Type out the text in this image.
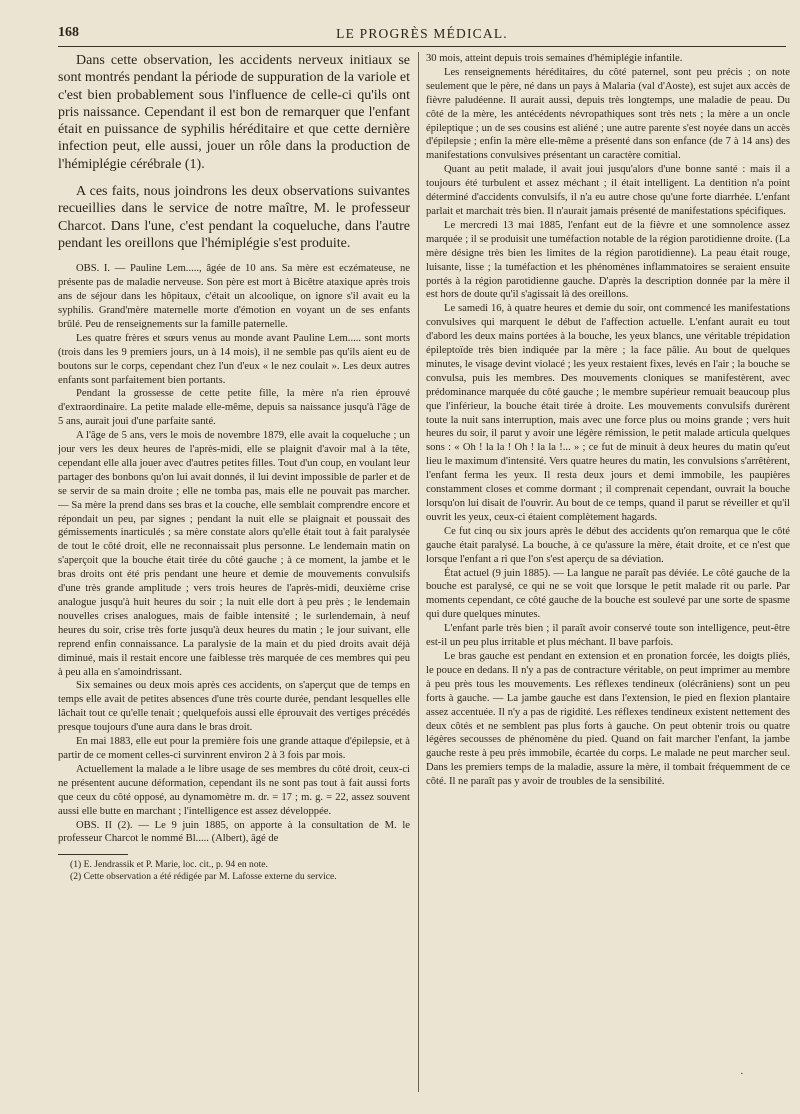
168	LE PROGRÈS MÉDICAL.

Dans cette observation, les accidents nerveux initiaux se sont montrés pendant la période de suppuration de la variole et c'est bien probablement sous l'influence de celle-ci qu'ils ont pris naissance. Cependant il est bon de remarquer que l'enfant était en puissance de syphilis héréditaire et que cette dernière infection peut, elle aussi, jouer un rôle dans la production de l'hémiplégie cérébrale (1).

A ces faits, nous joindrons les deux observations suivantes recueillies dans le service de notre maître, M. le professeur Charcot. Dans l'une, c'est pendant la coqueluche, dans l'autre pendant les oreillons que l'hémiplégie s'est produite.

OBS. I. — Pauline Lem....., âgée de 10 ans. Sa mère est eczémateuse, ne présente pas de maladie nerveuse. Son père est mort à Bicêtre ataxique après trois ans de séjour dans les hôpitaux, c'était un alcoolique, on ignore s'il avait eu la syphilis. Grand'mère maternelle morte d'émotion en voyant un de ses enfants brûlé. Peu de renseignements sur la famille paternelle.

Les quatre frères et sœurs venus au monde avant Pauline Lem..... sont morts (trois dans les 9 premiers jours, un à 14 mois), il ne semble pas qu'ils aient eu de boutons sur le corps, cependant chez l'un d'eux « le nez coulait ». Les deux autres enfants sont parfaitement bien portants.

Pendant la grossesse de cette petite fille, la mère n'a rien éprouvé d'extraordinaire. La petite malade elle-même, depuis sa naissance jusqu'à l'âge de 5 ans, aurait joui d'une parfaite santé.

A l'âge de 5 ans, vers le mois de novembre 1879, elle avait la coqueluche ; un jour vers les deux heures de l'après-midi, elle se plaignit d'avoir mal à la tête, cependant elle alla jouer avec d'autres petites filles. Tout d'un coup, en voulant leur partager des bonbons qu'on lui avait donnés, il lui devint impossible de parler et de se servir de sa main droite ; elle ne tomba pas, mais elle ne pouvait pas marcher. — Sa mère la prend dans ses bras et la couche, elle semblait comprendre encore et répondait un peu, par signes ; pendant la nuit elle se plaignait et poussait des gémissements inarticulés ; sa mère constate alors qu'elle était tout à fait paralysée de tout le côté droit, elle ne reconnaissait plus personne. Le lendemain matin on s'aperçoit que la bouche était tirée du côté gauche ; à ce moment, la jambe et le bras droits ont été pris pendant une heure et demie de mouvements convulsifs d'une très grande amplitude ; vers trois heures de l'après-midi, deuxième crise analogue jusqu'à huit heures du soir ; la nuit elle dort à peu près ; le lendemain nouvelles crises analogues, mais de faible intensité ; le surlendemain, à neuf heures du soir, crise très forte jusqu'à deux heures du matin ; le jour suivant, elle reprend enfin connaissance. La paralysie de la main et du pied droits avait déjà diminué, mais il restait encore une faiblesse très marquée de ces membres qui peu à peu alla en s'amoindrissant.

Six semaines ou deux mois après ces accidents, on s'aperçut que de temps en temps elle avait de petites absences d'une très courte durée, pendant lesquelles elle lâchait tout ce qu'elle tenait ; quelquefois aussi elle éprouvait des vertiges précédés presque toujours d'une aura dans le bras droit.

En mai 1883, elle eut pour la première fois une grande attaque d'épilepsie, et à partir de ce moment celles-ci survinrent environ 2 à 3 fois par mois.

Actuellement la malade a le libre usage de ses membres du côté droit, ceux-ci ne présentent aucune déformation, cependant ils ne sont pas tout à fait aussi forts que ceux du côté opposé, au dynamomètre m. dr. = 17 ; m. g. = 22, assez souvent aussi elle butte en marchant ; l'intelligence est assez développée.

OBS. II (2). — Le 9 juin 1885, on apporte à la consultation de M. le professeur Charcot le nommé Bl..... (Albert), âgé de

(1) E. Jendrassik et P. Marie, loc. cit., p. 94 en note.

(2) Cette observation a été rédigée par M. Lafosse externe du service.

30 mois, atteint depuis trois semaines d'hémiplégie infantile.

Les renseignements héréditaires, du côté paternel, sont peu précis ; on note seulement que le père, né dans un pays à Malaria (val d'Aoste), est sujet aux accès de fièvre paludéenne. Il aurait aussi, depuis très longtemps, une maladie de peau. Du côté de la mère, les antécédents névropathiques sont très nets ; la mère a un oncle épileptique ; un de ses cousins est aliéné ; une autre parente s'est noyée dans un accès d'épilepsie ; enfin la mère elle-même a présenté dans son enfance (de 7 à 14 ans) des manifestations convulsives présentant un caractère comitial.

Quant au petit malade, il avait joui jusqu'alors d'une bonne santé : mais il a toujours été turbulent et assez méchant ; il était intelligent. La dentition n'a point déterminé d'accidents convulsifs, il n'a eu autre chose qu'une forte diarrhée. L'enfant parlait et marchait très bien. Il n'aurait jamais présenté de manifestations spécifiques.

Le mercredi 13 mai 1885, l'enfant eut de la fièvre et une somnolence assez marquée ; il se produisit une tuméfaction notable de la région parotidienne droite. (La mère désigne très bien les limites de la région parotidienne). La peau était rouge, luisante, lisse ; la tuméfaction et les phénomènes inflammatoires se seraient ensuite portés à la région parotidienne gauche. D'après la description donnée par la mère il est hors de doute qu'il s'agissait là des oreillons.

Le samedi 16, à quatre heures et demie du soir, ont commencé les manifestations convulsives qui marquent le début de l'affection actuelle. L'enfant aurait eu tout d'abord les deux mains portées à la bouche, les yeux blancs, une véritable trépidation épileptoïde très bien indiquée par la mère ; la face pâlie. Au bout de quelques minutes, le visage devint violacé ; les yeux restaient fixes, levés en l'air ; la bouche se convulsa, puis les membres. Des mouvements cloniques se manifestèrent, avec prédominance marquée du côté gauche ; le membre supérieur remuait beaucoup plus que l'inférieur, la bouche était tirée à droite. Les mouvements convulsifs durèrent toute la nuit sans interruption, mais avec une force plus ou moins grande ; vers huit heures du soir, il parut y avoir une légère rémission, le petit malade articula quelques sons : « Oh ! la la ! Oh ! la la !... » ; ce fut de minuit à deux heures du matin qu'eut lieu le maximum d'intensité. Vers quatre heures du matin, les convulsions s'arrêtèrent, l'enfant ferma les yeux. Il resta deux jours et demi immobile, les paupières constamment closes et comme dormant ; il comprenait cependant, ouvrait la bouche lorsqu'on lui disait de l'ouvrir. Au bout de ce temps, quand il parut se réveiller et qu'il ouvrit les yeux, ceux-ci étaient complètement hagards.

Ce fut cinq ou six jours après le début des accidents qu'on remarqua que le côté gauche était paralysé. La bouche, à ce qu'assure la mère, était droite, et ce n'est que lorsque l'enfant a ri que l'on s'est aperçu de sa déviation.

État actuel (9 juin 1885). — La langue ne paraît pas déviée. Le côté gauche de la bouche est paralysé, ce qui ne se voit que lorsque le petit malade rit ou parle. Par moments cependant, ce côté gauche de la bouche est soulevé par une sorte de spasme qui dure quelques minutes.

L'enfant parle très bien ; il paraît avoir conservé toute son intelligence, peut-être est-il un peu plus irritable et plus méchant. Il bave parfois.

Le bras gauche est pendant en extension et en pronation forcée, les doigts pliés, le pouce en dedans. Il n'y a pas de contracture véritable, on peut imprimer au membre à peu près tous les mouvements. Les réflexes tendineux (olécrâniens) sont un peu forts à gauche. — La jambe gauche est dans l'extension, le pied en flexion plantaire assez accentuée. Il n'y a pas de rigidité. Les réflexes tendineux existent nettement des deux côtés et ne semblent pas plus forts à gauche. On peut obtenir trois ou quatre légères secousses de phénomène du pied. Quand on fait marcher l'enfant, la jambe gauche reste à peu près immobile, écartée du corps. Le malade ne peut marcher seul. Dans les premiers temps de la maladie, assure la mère, il tombait fréquemment de ce côté. Il ne paraît pas y avoir de troubles de la sensibilité.

·
